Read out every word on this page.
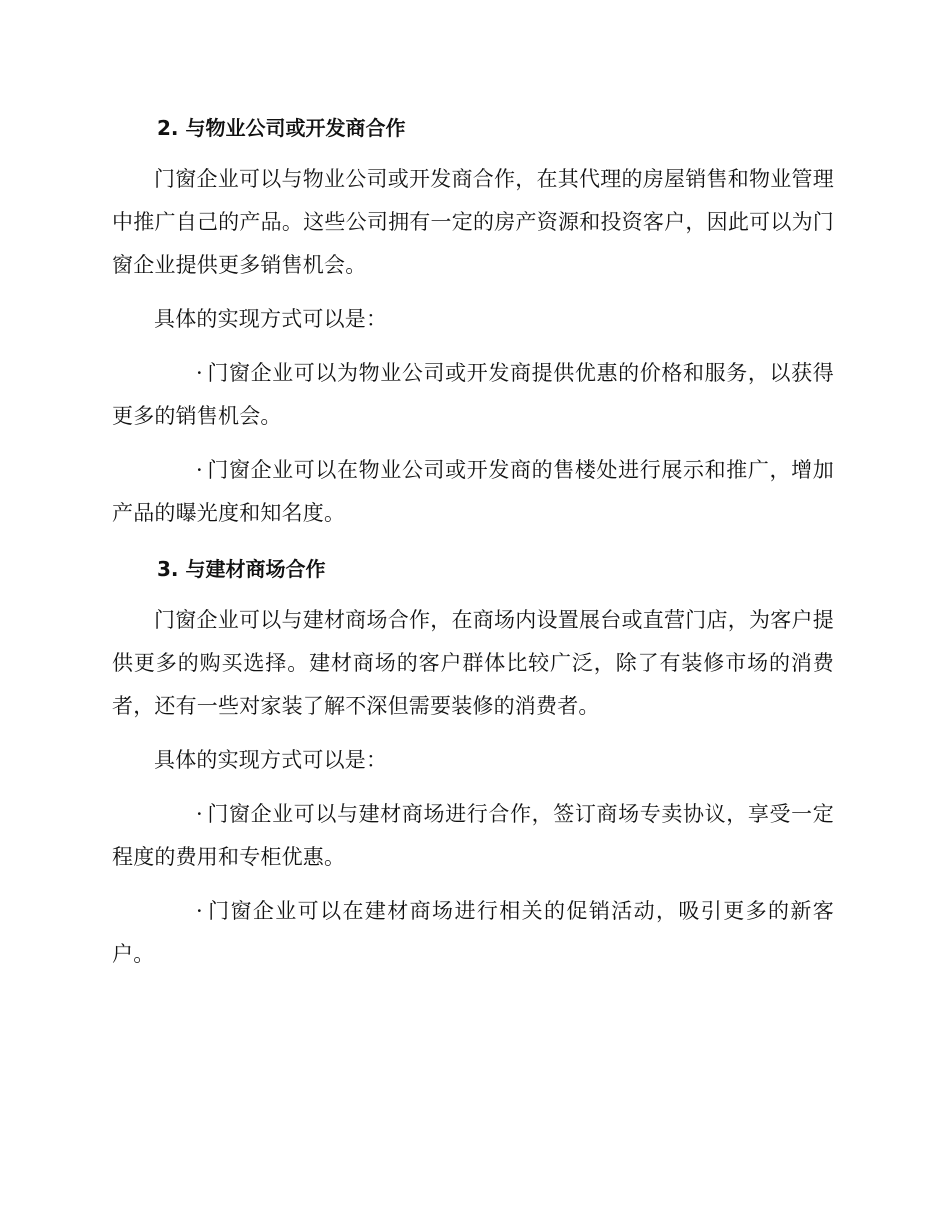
2. 与物业公司或开发商合作

门窗企业可以与物业公司或开发商合作，在其代理的房屋销售和物业管理中推广自己的产品。这些公司拥有一定的房产资源和投资客户，因此可以为门窗企业提供更多销售机会。

具体的实现方式可以是：

· 门窗企业可以为物业公司或开发商提供优惠的价格和服务，以获得更多的销售机会。

· 门窗企业可以在物业公司或开发商的售楼处进行展示和推广，增加产品的曝光度和知名度。

3. 与建材商场合作

门窗企业可以与建材商场合作，在商场内设置展台或直营门店，为客户提供更多的购买选择。建材商场的客户群体比较广泛，除了有装修市场的消费者，还有一些对家装了解不深但需要装修的消费者。

具体的实现方式可以是：

· 门窗企业可以与建材商场进行合作，签订商场专卖协议，享受一定程度的费用和专柜优惠。

· 门窗企业可以在建材商场进行相关的促销活动，吸引更多的新客户。
